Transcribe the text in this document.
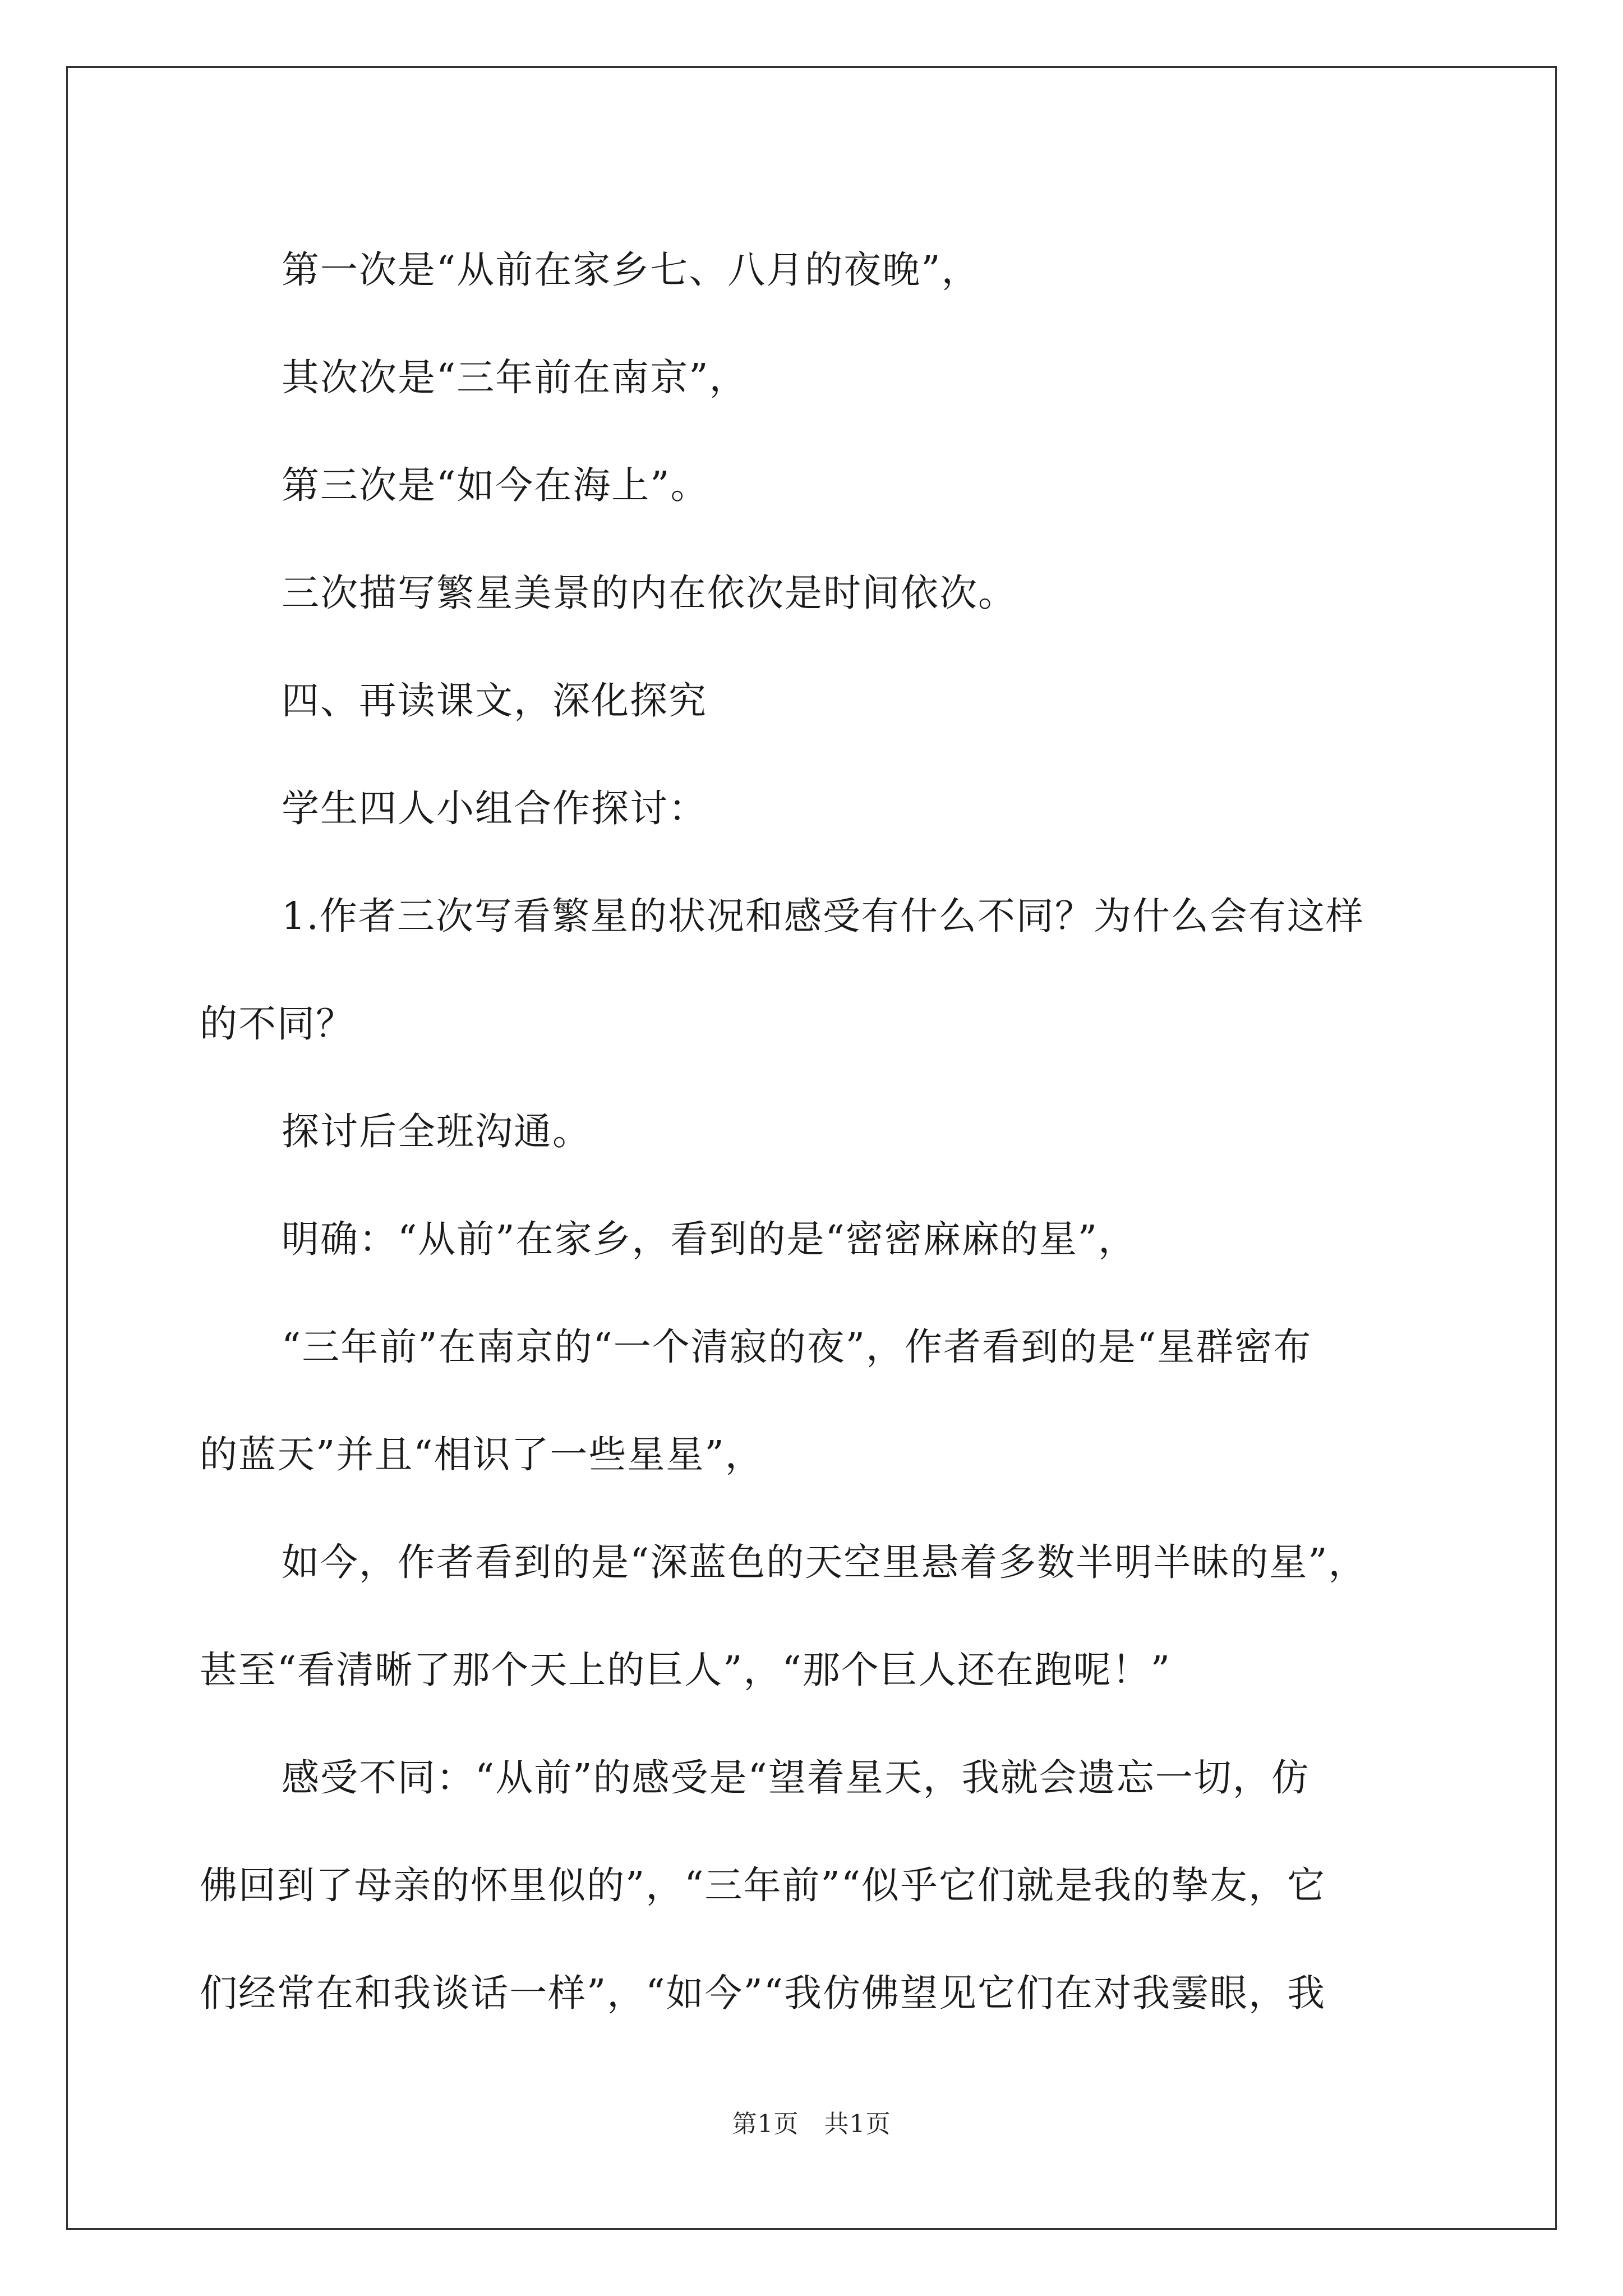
第一次是“从前在家乡七、八月的夜晚”，

其次次是“三年前在南京”，

第三次是“如今在海上”。

三次描写繁星美景的内在依次是时间依次。

四、再读课文，深化探究

学生四人小组合作探讨：

1.作者三次写看繁星的状况和感受有什么不同？为什么会有这样

的不同？

探讨后全班沟通。

明确：“从前”在家乡，看到的是“密密麻麻的星”，

“三年前”在南京的“一个清寂的夜”，作者看到的是“星群密布

的蓝天”并且“相识了一些星星”，

如今，作者看到的是“深蓝色的天空里悬着多数半明半昧的星”，

甚至“看清晰了那个天上的巨人”，“那个巨人还在跑呢！”

感受不同：“从前”的感受是“望着星天，我就会遗忘一切，仿

佛回到了母亲的怀里似的”，“三年前”“似乎它们就是我的挚友，它

们经常在和我谈话一样”，“如今”“我仿佛望见它们在对我霎眼，我

第1页　共1页
